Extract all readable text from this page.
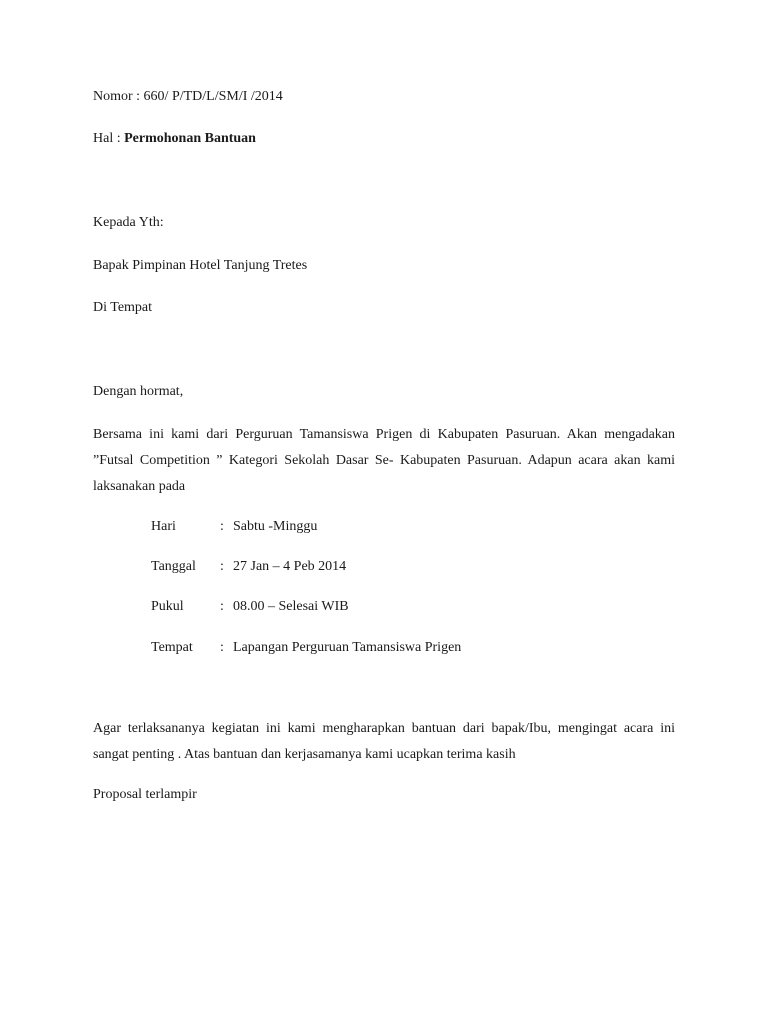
Nomor : 660/ P/TD/L/SM/I /2014
Hal : Permohonan Bantuan
Kepada Yth:
Bapak Pimpinan Hotel Tanjung Tretes
Di Tempat
Dengan hormat,
Bersama ini kami dari Perguruan Tamansiswa Prigen di Kabupaten Pasuruan. Akan mengadakan ”Futsal Competition ” Kategori Sekolah Dasar Se- Kabupaten Pasuruan. Adapun acara akan kami laksanakan pada
Hari	: Sabtu -Minggu
Tanggal : 27 Jan – 4 Peb 2014
Pukul	: 08.00 – Selesai WIB
Tempat : Lapangan Perguruan Tamansiswa Prigen
Agar terlaksananya kegiatan ini kami mengharapkan bantuan dari bapak/Ibu, mengingat acara ini sangat penting . Atas bantuan dan kerjasamanya kami ucapkan terima kasih
Proposal terlampir
